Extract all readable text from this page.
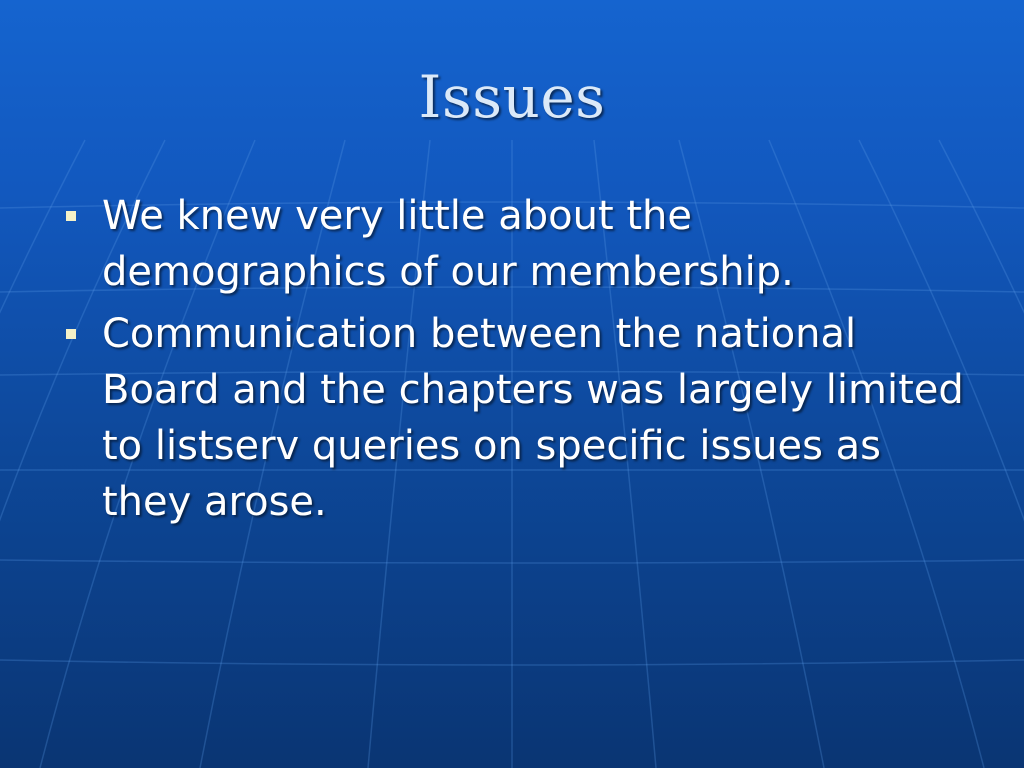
Issues
We knew very little about the demographics of our membership.
Communication between the national Board and the chapters was largely limited to listserv queries on specific issues as they arose.
